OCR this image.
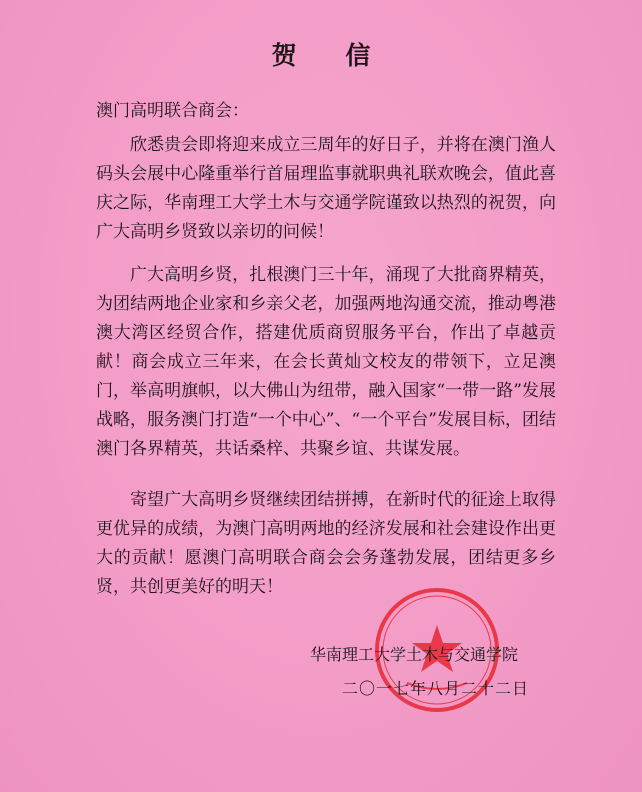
贺 信

澳门高明联合商会：

欣悉贵会即将迎来成立三周年的好日子，并将在澳门渔人码头会展中心隆重举行首届理监事就职典礼联欢晚会，值此喜庆之际，华南理工大学土木与交通学院谨致以热烈的祝贺，向广大高明乡贤致以亲切的问候！

广大高明乡贤，扎根澳门三十年，涌现了大批商界精英，为团结两地企业家和乡亲父老，加强两地沟通交流，推动粤港澳大湾区经贸合作，搭建优质商贸服务平台，作出了卓越贡献！商会成立三年来，在会长黄灿文校友的带领下，立足澳门，举高明旗帜，以大佛山为纽带，融入国家“一带一路”发展战略，服务澳门打造“一个中心”、“一个平台”发展目标，团结澳门各界精英，共话桑梓、共聚乡谊、共谋发展。

寄望广大高明乡贤继续团结拼搏，在新时代的征途上取得更优异的成绩，为澳门高明两地的经济发展和社会建设作出更大的贡献！愿澳门高明联合商会会务蓬勃发展，团结更多乡贤，共创更美好的明天！

华南理工大学土木与交通学院

二〇一七年八月二十二日
